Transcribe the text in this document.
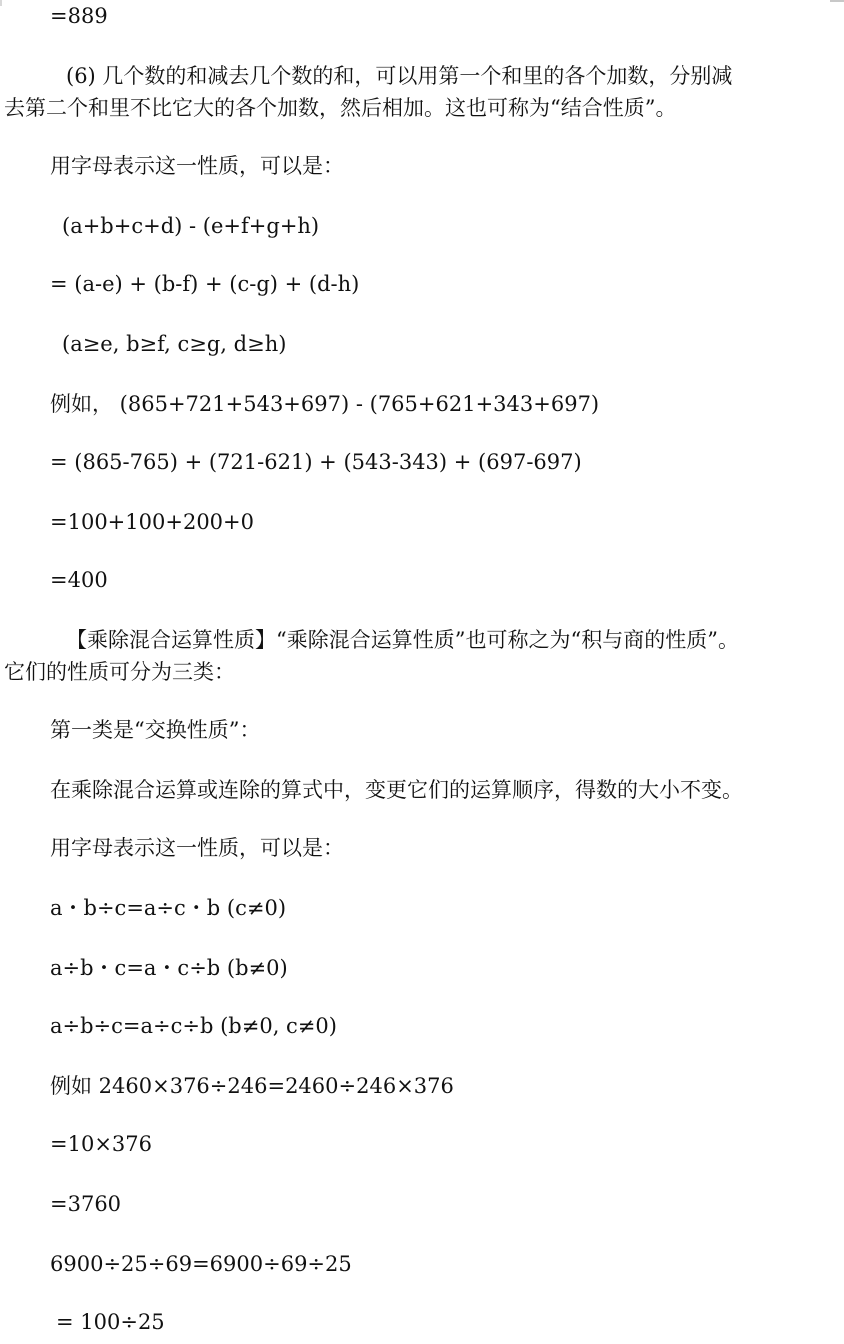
=889
(6) 几个数的和减去几个数的和，可以用第一个和里的各个加数，分别减
去第二个和里不比它大的各个加数，然后相加。这也可称为“结合性质”。
用字母表示这一性质，可以是：
(a+b+c+d) - (e+f+g+h)
= (a-e) + (b-f) + (c-g) + (d-h)
(a≥e, b≥f, c≥g, d≥h)
例如， (865+721+543+697) - (765+621+343+697)
= (865-765) + (721-621) + (543-343) + (697-697)
=100+100+200+0
=400
【乘除混合运算性质】“乘除混合运算性质”也可称之为“积与商的性质”。
它们的性质可分为三类：
第一类是“交换性质”：
在乘除混合运算或连除的算式中，变更它们的运算顺序，得数的大小不变。
用字母表示这一性质，可以是：
a・b÷c=a÷c・b (c≠0)
a÷b・c=a・c÷b (b≠0)
a÷b÷c=a÷c÷b (b≠0, c≠0)
例如 2460×376÷246=2460÷246×376
=10×376
=3760
6900÷25÷69=6900÷69÷25
= 100÷25
